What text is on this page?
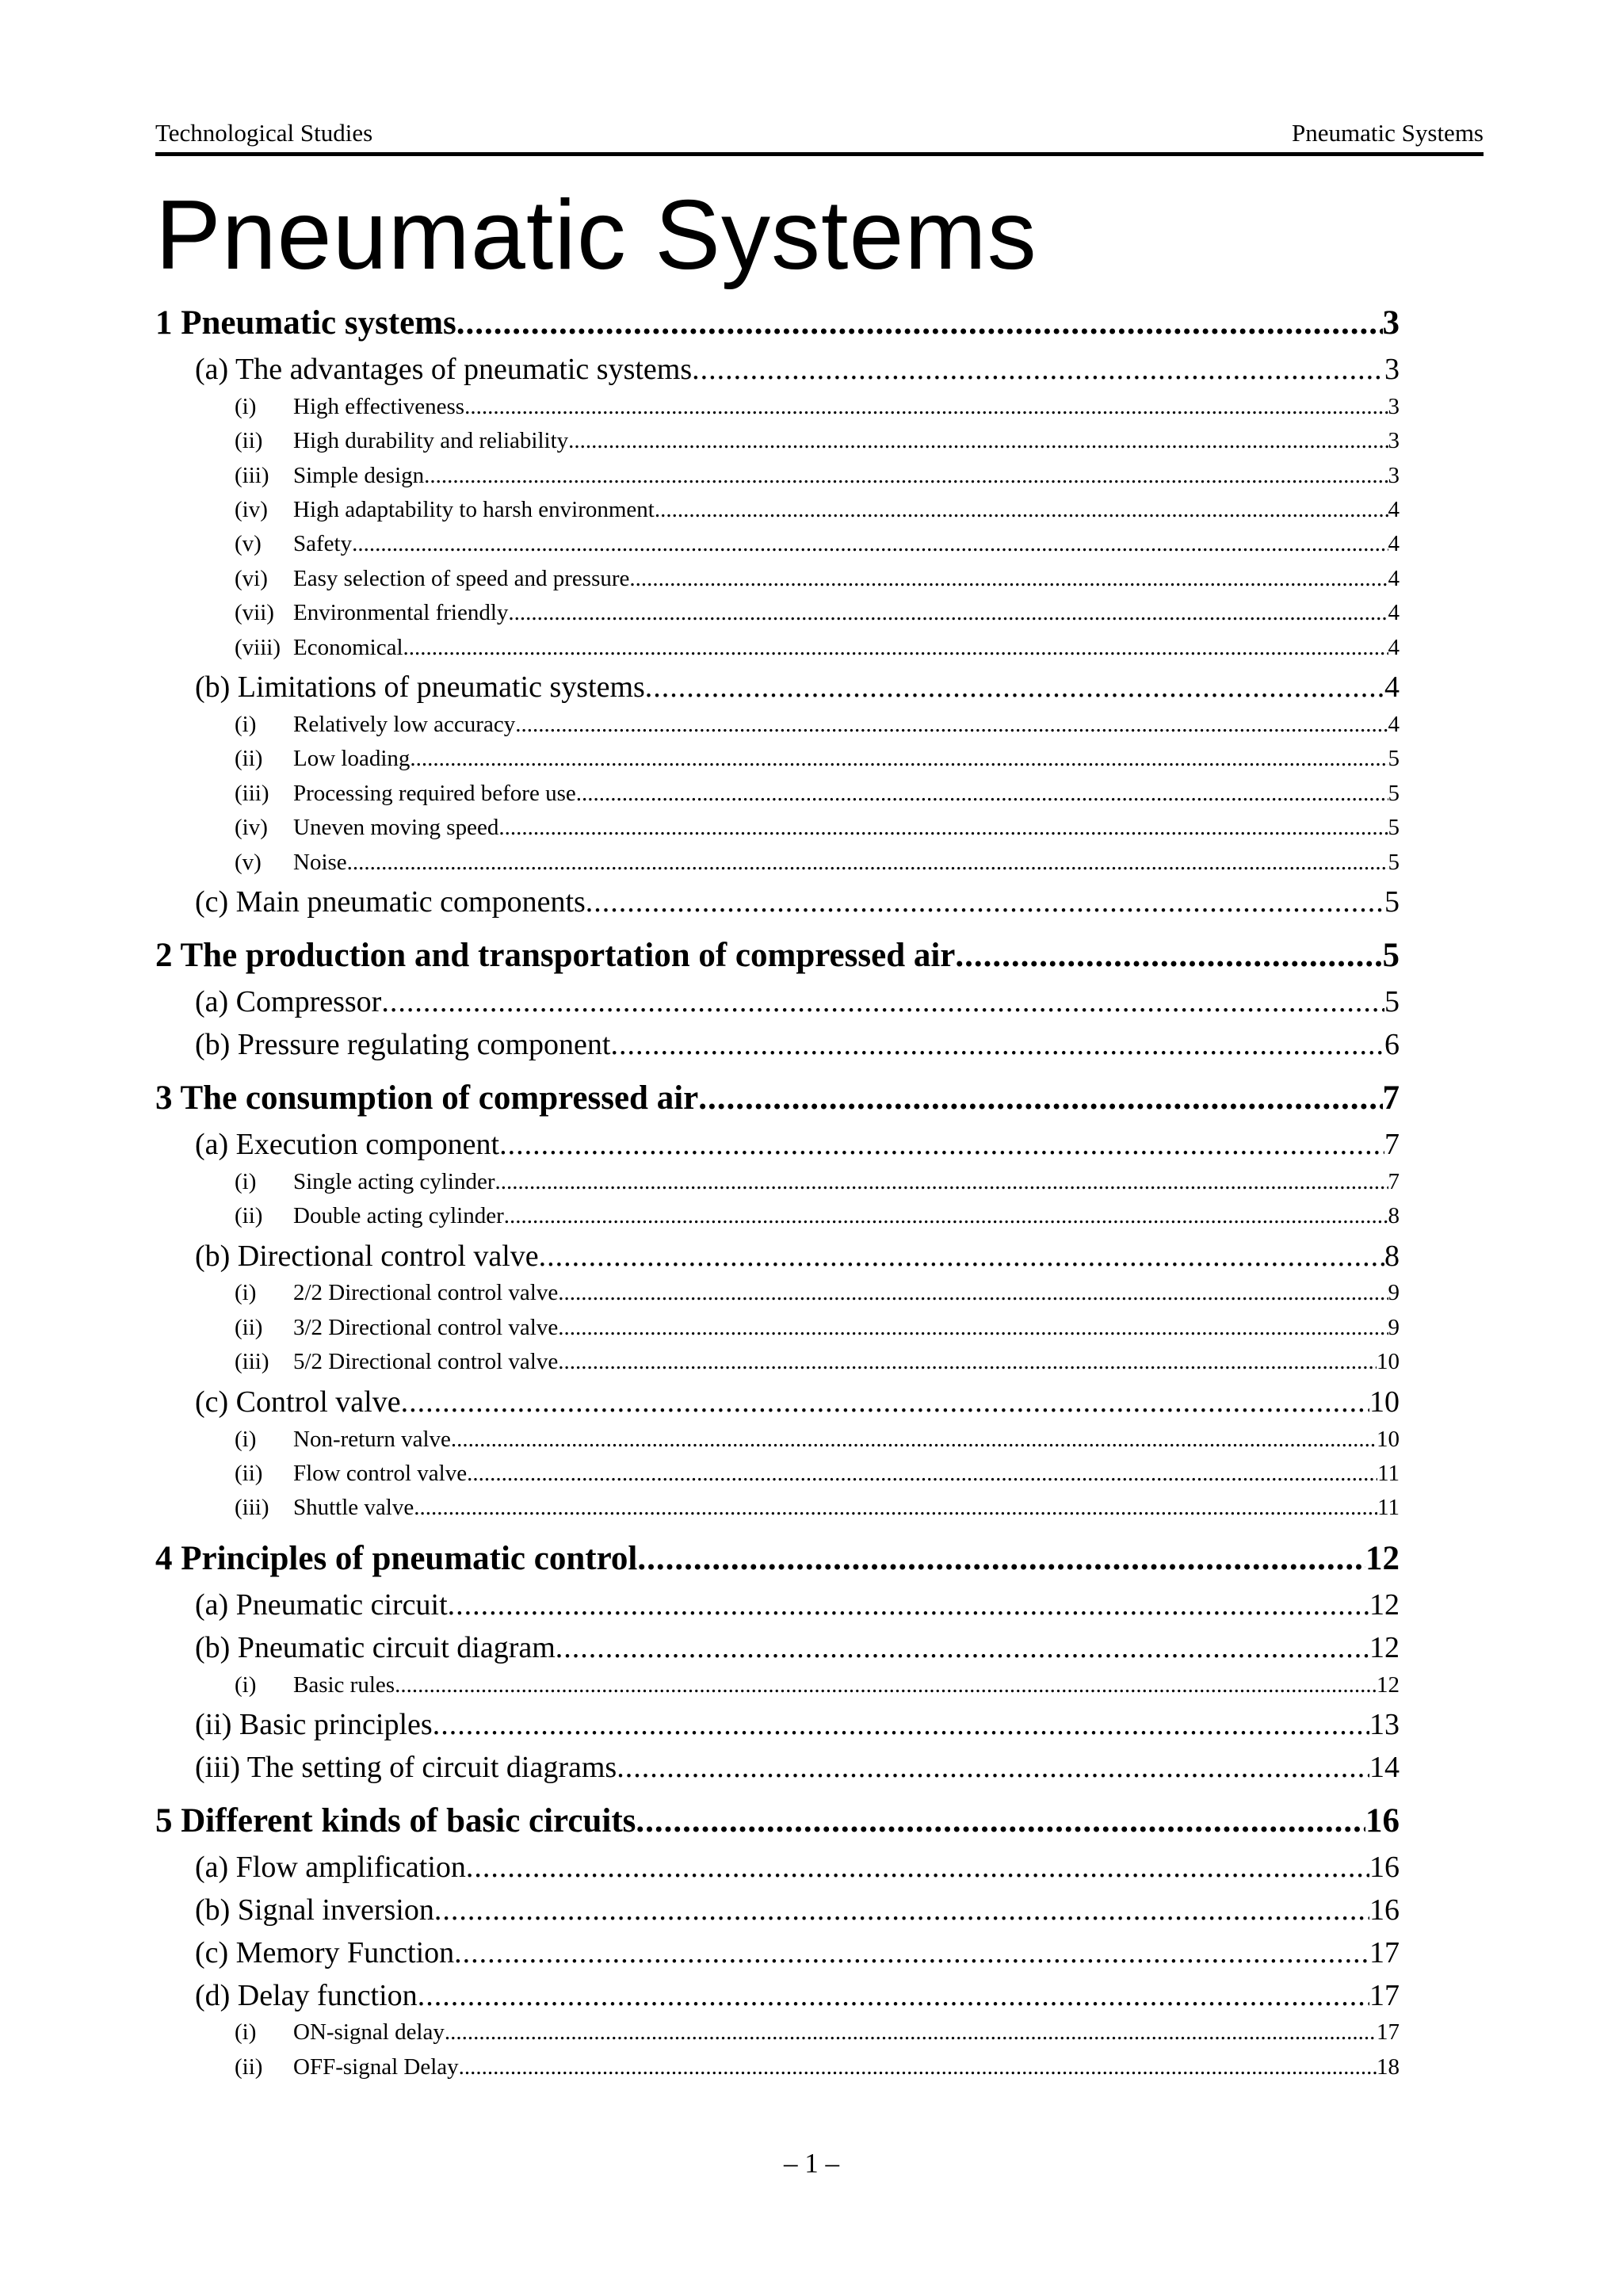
Technological Studies	Pneumatic Systems
Pneumatic Systems
1 Pneumatic systems .....	3
(a) The advantages of pneumatic systems .....	3
(i)	High effectiveness .....	3
(ii)	High durability and reliability .....	3
(iii)	Simple design .....	3
(iv)	High adaptability to harsh environment .....	4
(v)	Safety .....	4
(vi)	Easy selection of speed and pressure .....	4
(vii) Environmental friendly .....	4
(viii) Economical .....	4
(b) Limitations of pneumatic systems .....	4
(i)	Relatively low accuracy .....	4
(ii)	Low loading .....	5
(iii)	Processing required before use .....	5
(iv)	Uneven moving speed .....	5
(v)	Noise .....	5
(c) Main pneumatic components .....	5
2 The production and transportation of compressed air .....	5
(a) Compressor .....	5
(b) Pressure regulating component .....	6
3 The consumption of compressed air .....	7
(a) Execution component .....	7
(i)	Single acting cylinder .....	7
(ii)	Double acting cylinder .....	8
(b) Directional control valve .....	8
(i)	2/2 Directional control valve .....	9
(ii)	3/2 Directional control valve .....	9
(iii)	5/2 Directional control valve .....	10
(c) Control valve .....	10
(i)	Non-return valve .....	10
(ii)	Flow control valve .....	11
(iii)	Shuttle valve .....	11
4 Principles of pneumatic control .....	12
(a) Pneumatic circuit .....	12
(b) Pneumatic circuit diagram .....	12
(i)	Basic rules .....	12
(ii) Basic principles .....	13
(iii) The setting of circuit diagrams .....	14
5 Different kinds of basic circuits .....	16
(a) Flow amplification .....	16
(b) Signal inversion .....	16
(c) Memory Function .....	17
(d) Delay function .....	17
(i)	ON-signal delay .....	17
(ii)	OFF-signal Delay .....	18
– 1 –
